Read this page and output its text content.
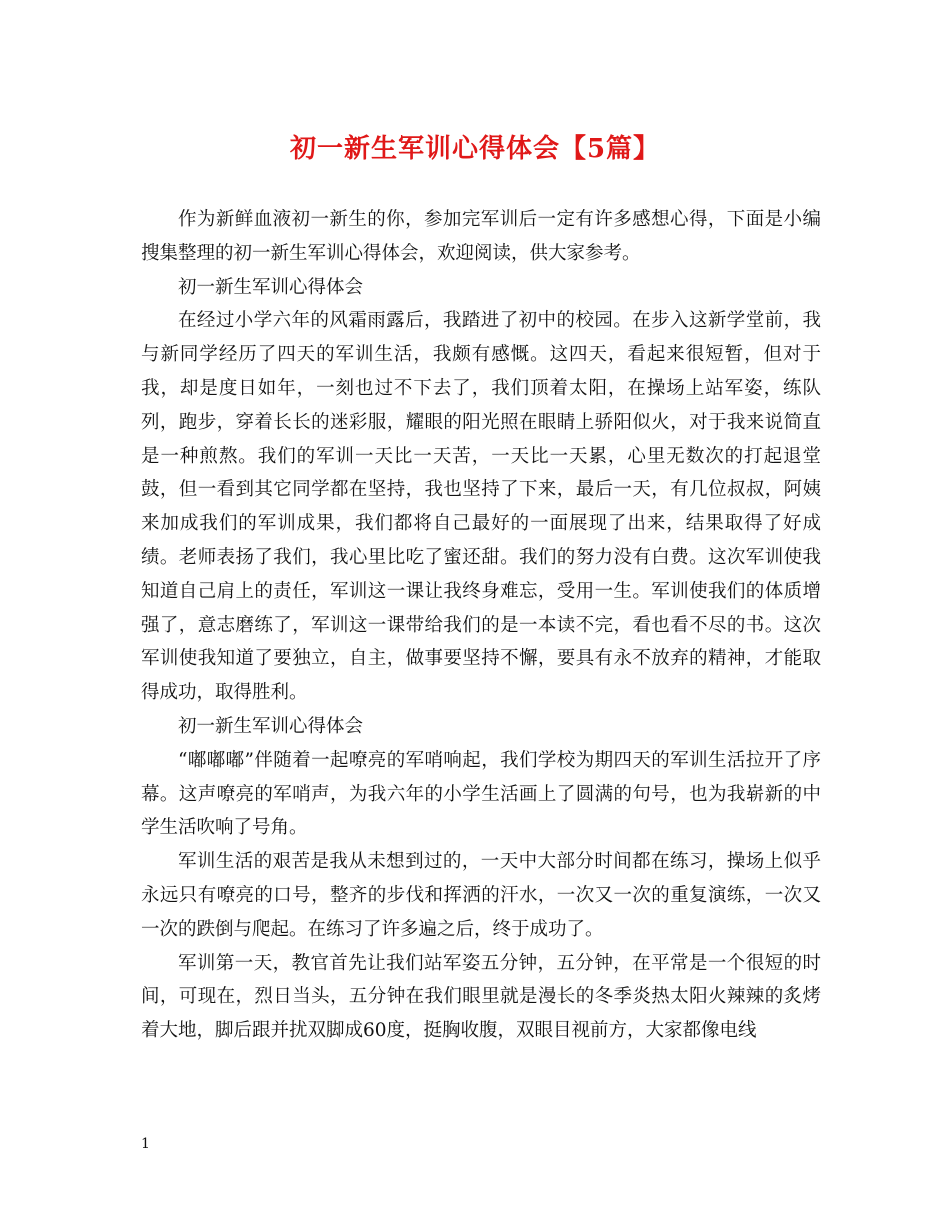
初一新生军训心得体会【5篇】

作为新鲜血液初一新生的你，参加完军训后一定有许多感想心得，下面是小编搜集整理的初一新生军训心得体会，欢迎阅读，供大家参考。

初一新生军训心得体会

在经过小学六年的风霜雨露后，我踏进了初中的校园。在步入这新学堂前，我与新同学经历了四天的军训生活，我颇有感慨。这四天，看起来很短暂，但对于我，却是度日如年，一刻也过不下去了，我们顶着太阳，在操场上站军姿，练队列，跑步，穿着长长的迷彩服，耀眼的阳光照在眼睛上骄阳似火，对于我来说简直是一种煎熬。我们的军训一天比一天苦，一天比一天累，心里无数次的打起退堂鼓，但一看到其它同学都在坚持，我也坚持了下来，最后一天，有几位叔叔，阿姨来加成我们的军训成果，我们都将自己最好的一面展现了出来，结果取得了好成绩。老师表扬了我们，我心里比吃了蜜还甜。我们的努力没有白费。这次军训使我知道自己肩上的责任，军训这一课让我终身难忘，受用一生。军训使我们的体质增强了，意志磨练了，军训这一课带给我们的是一本读不完，看也看不尽的书。这次军训使我知道了要独立，自主，做事要坚持不懈，要具有永不放弃的精神，才能取得成功，取得胜利。

初一新生军训心得体会

“嘟嘟嘟”伴随着一起嘹亮的军哨响起，我们学校为期四天的军训生活拉开了序幕。这声嘹亮的军哨声，为我六年的小学生活画上了圆满的句号，也为我崭新的中学生活吹响了号角。

军训生活的艰苦是我从未想到过的，一天中大部分时间都在练习，操场上似乎永远只有嘹亮的口号，整齐的步伐和挥洒的汗水，一次又一次的重复演练，一次又一次的跌倒与爬起。在练习了许多遍之后，终于成功了。

军训第一天，教官首先让我们站军姿五分钟，五分钟，在平常是一个很短的时间，可现在，烈日当头，五分钟在我们眼里就是漫长的冬季炎热太阳火辣辣的炙烤着大地，脚后跟并扰双脚成60度，挺胸收腹，双眼目视前方，大家都像电线

1
